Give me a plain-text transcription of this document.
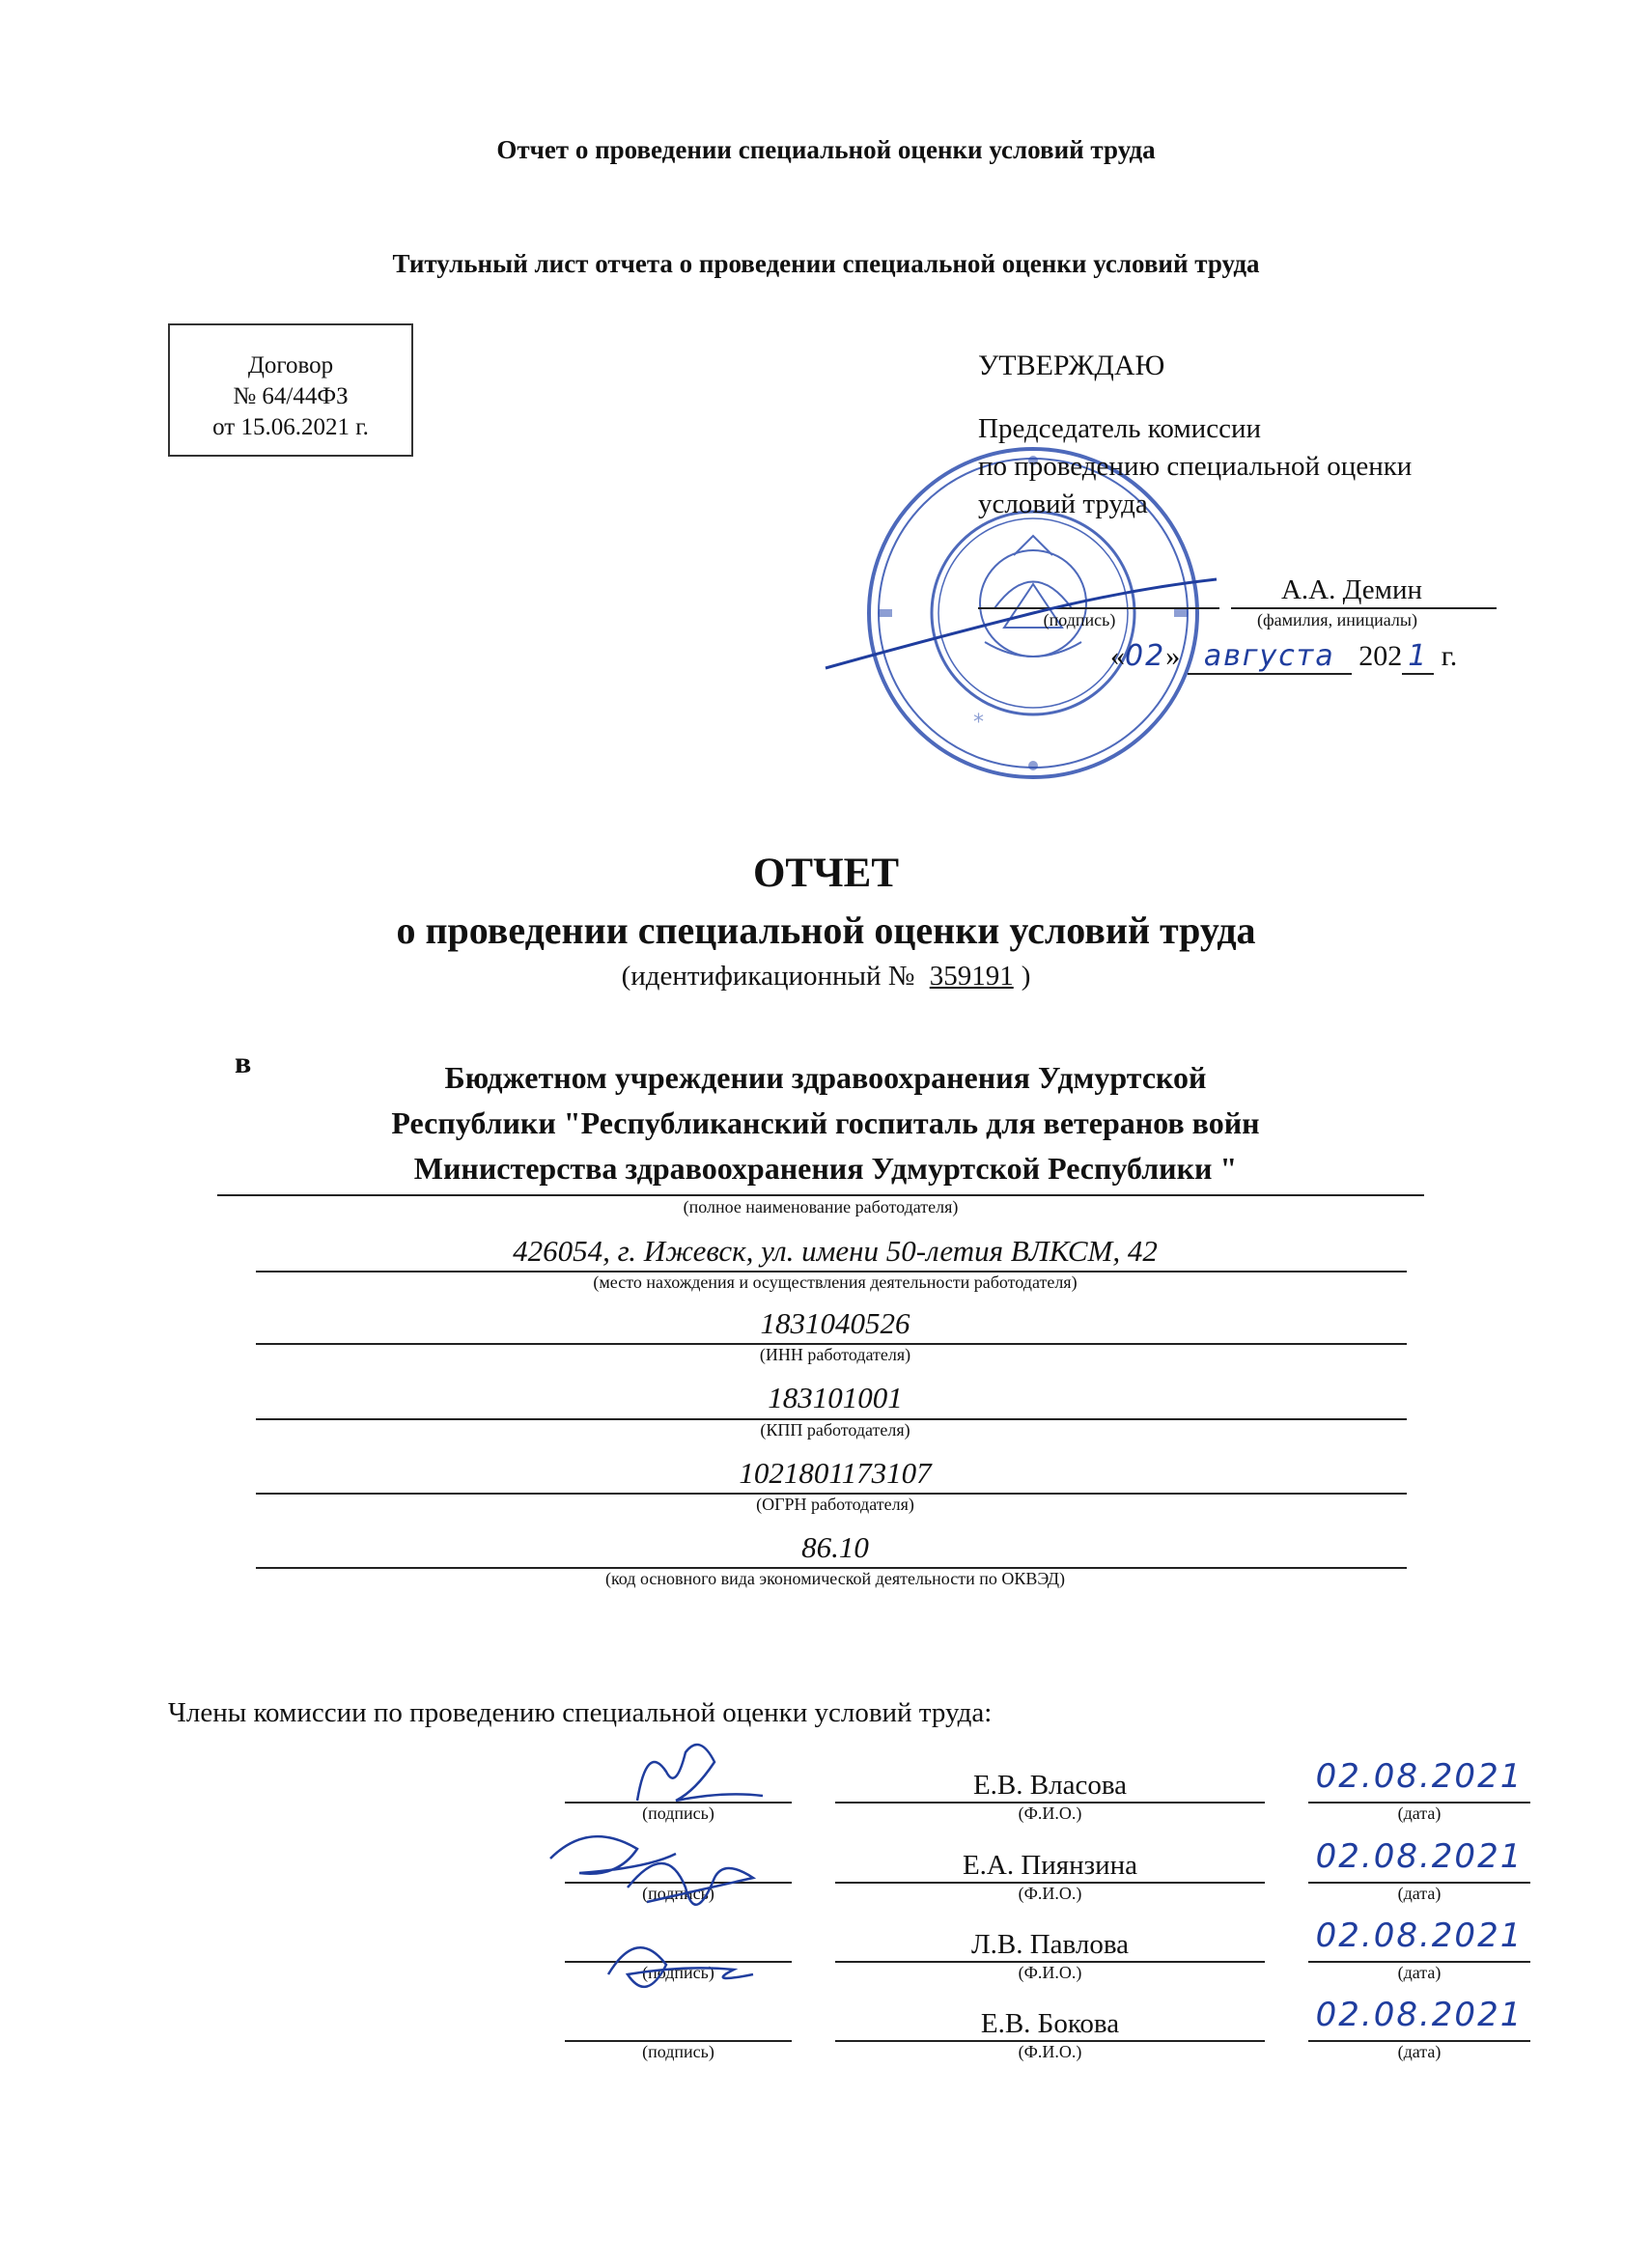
Отчет о проведении специальной оценки условий труда
Титульный лист отчета о проведении специальной оценки условий труда
Договор
№ 64/44ФЗ
от 15.06.2021 г.
*
УТВЕРЖДАЮ
Председатель комиссии
по проведению специальной оценки
условий труда
А.А. Демин
(подпись)	(фамилия, инициалы)
«02» августа 202 1 г.
ОТЧЕТ
о проведении специальной оценки условий труда
(идентификационный № 359191 )
в	Бюджетном учреждении здравоохранения Удмуртской
Республики "Республиканский госпиталь для ветеранов войн
Министерства здравоохранения Удмуртской Республики "
(полное наименование работодателя)
426054, г. Ижевск, ул. имени 50-летия ВЛКСМ, 42
(место нахождения и осуществления деятельности работодателя)
1831040526
(ИНН работодателя)
183101001
(КПП работодателя)
1021801173107
(ОГРН работодателя)
86.10
(код основного вида экономической деятельности по ОКВЭД)
Члены комиссии по проведению специальной оценки условий труда:
Е.В. Власова	02.08.2021
(подпись)	(Ф.И.О.)	(дата)
Е.А. Пиянзина	02.08.2021
(подпись)	(Ф.И.О.)	(дата)
Л.В. Павлова	02.08.2021
(подпись)	(Ф.И.О.)	(дата)
Е.В. Бокова	02.08.2021
(подпись)	(Ф.И.О.)	(дата)
